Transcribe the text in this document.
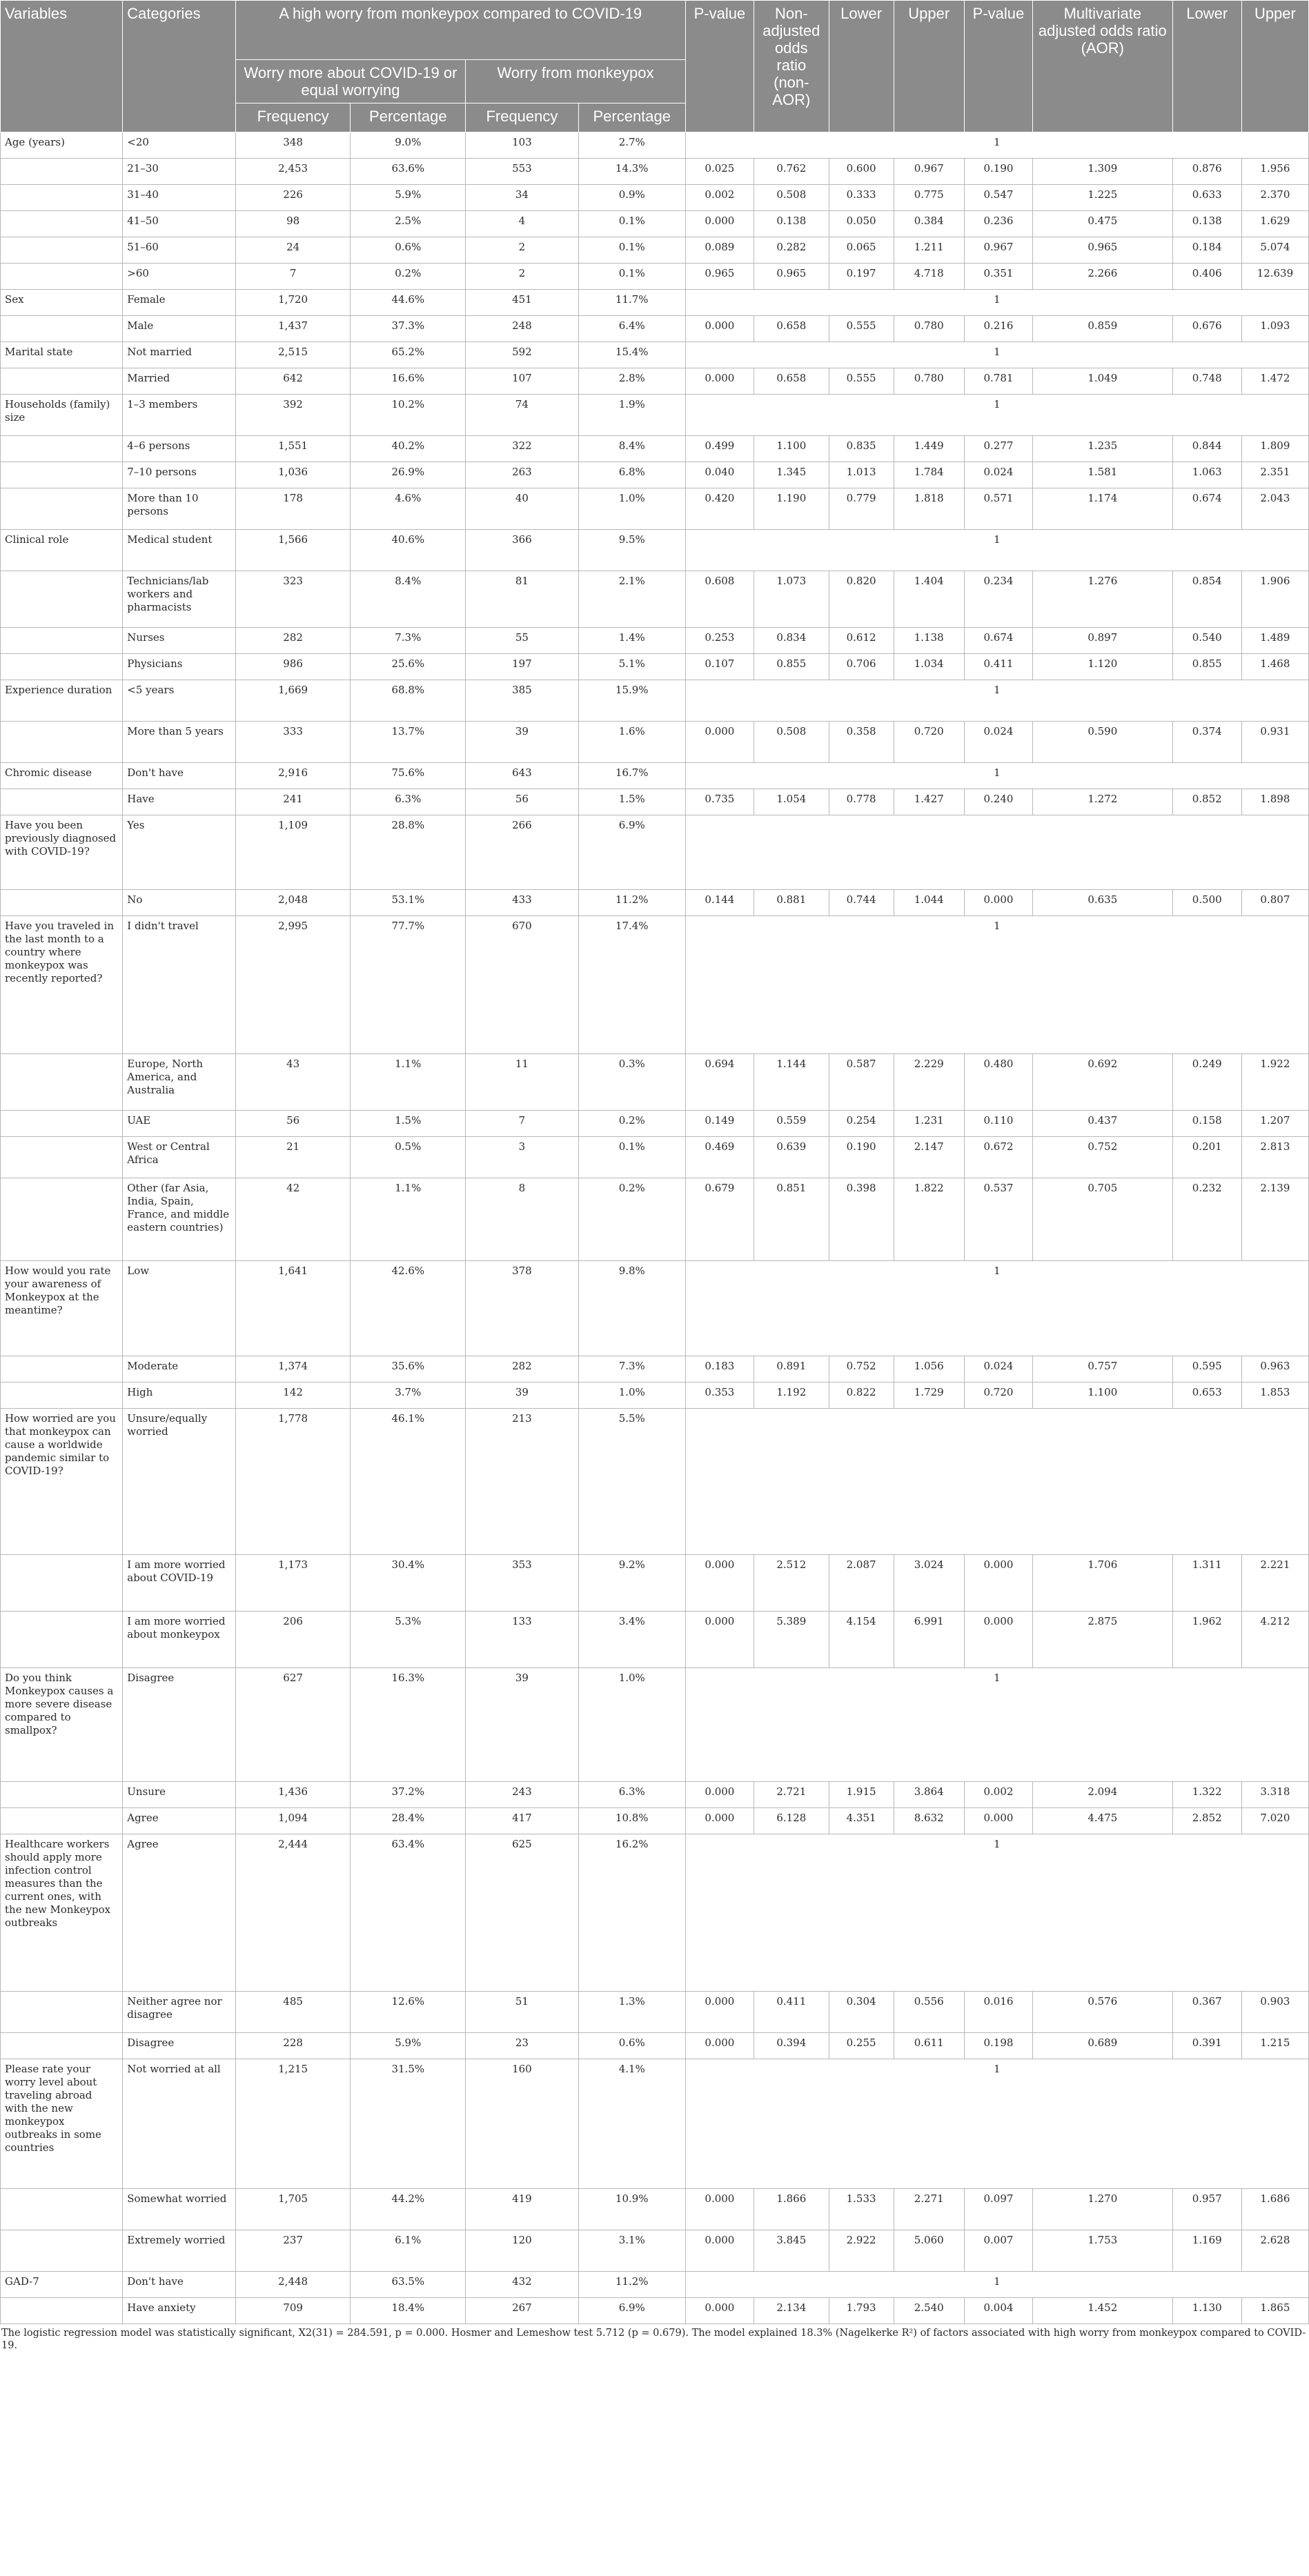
Variables	Categories	A high worry from monkeypox compared to COVID-19				P-value	Non-adjusted odds ratio (non-AOR)	Lower	Upper	P-value	Multivariate adjusted odds ratio (AOR)	Lower	Upper
		Worry more about COVID-19 or equal worrying		Worry from monkeypox									
		Frequency	Percentage	Frequency	Percentage								
Age (years)	<20	348	9.0%	103	2.7%	1							
	21–30	2,453	63.6%	553	14.3%	0.025	0.762	0.600	0.967	0.190	1.309	0.876	1.956
	31–40	226	5.9%	34	0.9%	0.002	0.508	0.333	0.775	0.547	1.225	0.633	2.370
	41–50	98	2.5%	4	0.1%	0.000	0.138	0.050	0.384	0.236	0.475	0.138	1.629
	51–60	24	0.6%	2	0.1%	0.089	0.282	0.065	1.211	0.967	0.965	0.184	5.074
	>60	7	0.2%	2	0.1%	0.965	0.965	0.197	4.718	0.351	2.266	0.406	12.639
Sex	Female	1,720	44.6%	451	11.7%	1							
	Male	1,437	37.3%	248	6.4%	0.000	0.658	0.555	0.780	0.216	0.859	0.676	1.093
Marital state	Not married	2,515	65.2%	592	15.4%	1							
	Married	642	16.6%	107	2.8%	0.000	0.658	0.555	0.780	0.781	1.049	0.748	1.472
Households (family) size	1–3 members	392	10.2%	74	1.9%	1							
	4–6 persons	1,551	40.2%	322	8.4%	0.499	1.100	0.835	1.449	0.277	1.235	0.844	1.809
	7–10 persons	1,036	26.9%	263	6.8%	0.040	1.345	1.013	1.784	0.024	1.581	1.063	2.351
	More than 10 persons	178	4.6%	40	1.0%	0.420	1.190	0.779	1.818	0.571	1.174	0.674	2.043
Clinical role	Medical student	1,566	40.6%	366	9.5%	1							
	Technicians/lab workers and pharmacists	323	8.4%	81	2.1%	0.608	1.073	0.820	1.404	0.234	1.276	0.854	1.906
	Nurses	282	7.3%	55	1.4%	0.253	0.834	0.612	1.138	0.674	0.897	0.540	1.489
	Physicians	986	25.6%	197	5.1%	0.107	0.855	0.706	1.034	0.411	1.120	0.855	1.468
Experience duration	<5 years	1,669	68.8%	385	15.9%	1							
	More than 5 years	333	13.7%	39	1.6%	0.000	0.508	0.358	0.720	0.024	0.590	0.374	0.931
Chromic disease	Don't have	2,916	75.6%	643	16.7%	1							
	Have	241	6.3%	56	1.5%	0.735	1.054	0.778	1.427	0.240	1.272	0.852	1.898
Have you been previously diagnosed with COVID-19?	Yes	1,109	28.8%	266	6.9%								
	No	2,048	53.1%	433	11.2%	0.144	0.881	0.744	1.044	0.000	0.635	0.500	0.807
Have you traveled in the last month to a country where monkeypox was recently reported?	I didn't travel	2,995	77.7%	670	17.4%	1							
	Europe, North America, and Australia	43	1.1%	11	0.3%	0.694	1.144	0.587	2.229	0.480	0.692	0.249	1.922
	UAE	56	1.5%	7	0.2%	0.149	0.559	0.254	1.231	0.110	0.437	0.158	1.207
	West or Central Africa	21	0.5%	3	0.1%	0.469	0.639	0.190	2.147	0.672	0.752	0.201	2.813
	Other (far Asia, India, Spain, France, and middle eastern countries)	42	1.1%	8	0.2%	0.679	0.851	0.398	1.822	0.537	0.705	0.232	2.139
How would you rate your awareness of Monkeypox at the meantime?	Low	1,641	42.6%	378	9.8%	1							
	Moderate	1,374	35.6%	282	7.3%	0.183	0.891	0.752	1.056	0.024	0.757	0.595	0.963
	High	142	3.7%	39	1.0%	0.353	1.192	0.822	1.729	0.720	1.100	0.653	1.853
How worried are you that monkeypox can cause a worldwide pandemic similar to COVID-19?	Unsure/equally worried	1,778	46.1%	213	5.5%								
	I am more worried about COVID-19	1,173	30.4%	353	9.2%	0.000	2.512	2.087	3.024	0.000	1.706	1.311	2.221
	I am more worried about monkeypox	206	5.3%	133	3.4%	0.000	5.389	4.154	6.991	0.000	2.875	1.962	4.212
Do you think Monkeypox causes a more severe disease compared to smallpox?	Disagree	627	16.3%	39	1.0%	1							
	Unsure	1,436	37.2%	243	6.3%	0.000	2.721	1.915	3.864	0.002	2.094	1.322	3.318
	Agree	1,094	28.4%	417	10.8%	0.000	6.128	4.351	8.632	0.000	4.475	2.852	7.020
Healthcare workers should apply more infection control measures than the current ones, with the new Monkeypox outbreaks	Agree	2,444	63.4%	625	16.2%	1							
	Neither agree nor disagree	485	12.6%	51	1.3%	0.000	0.411	0.304	0.556	0.016	0.576	0.367	0.903
	Disagree	228	5.9%	23	0.6%	0.000	0.394	0.255	0.611	0.198	0.689	0.391	1.215
Please rate your worry level about traveling abroad with the new monkeypox outbreaks in some countries	Not worried at all	1,215	31.5%	160	4.1%	1							
	Somewhat worried	1,705	44.2%	419	10.9%	0.000	1.866	1.533	2.271	0.097	1.270	0.957	1.686
	Extremely worried	237	6.1%	120	3.1%	0.000	3.845	2.922	5.060	0.007	1.753	1.169	2.628
GAD-7	Don't have	2,448	63.5%	432	11.2%	1							
	Have anxiety	709	18.4%	267	6.9%	0.000	2.134	1.793	2.540	0.004	1.452	1.130	1.865
The logistic regression model was statistically significant, X2(31) = 284.591, p = 0.000. Hosmer and Lemeshow test 5.712 (p = 0.679). The model explained 18.3% (Nagelkerke R²) of factors associated with high worry from monkeypox compared to COVID-19.
